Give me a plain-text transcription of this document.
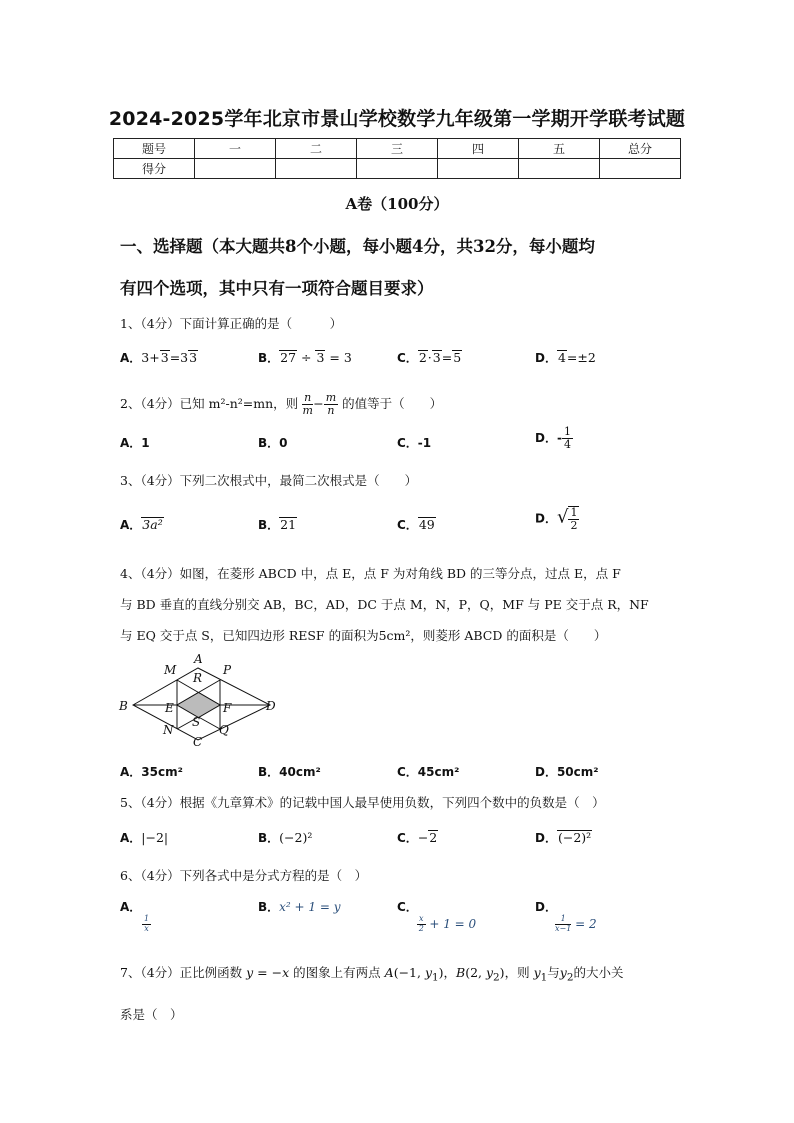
2024-2025学年北京市景山学校数学九年级第一学期开学联考试题
题号	一	二	三	四	五	总分
得分						
A卷（100分）
一、选择题（本大题共8个小题，每小题4分，共32分，每小题均
有四个选项，其中只有一项符合题目要求）
1、（4分）下面计算正确的是（　　　）
A．3+3=33	B．27 ÷ 3 = 3	C．2·3=5	D．4=±2
2、（4分）已知 m²-n²=mn，则 $\frac{n}{m} - \frac{m}{n}$ 的值等于（　　）
A．1	B．0	C．-1	D．- $\frac{1}{4}$
3、（4分）下列二次根式中，最简二次根式是（　　）
A．3a²	B．21	C．49	D．√ $\frac{1}{2}$
4、（4分）如图，在菱形 ABCD 中，点 E，点 F 为对角线 BD 的三等分点，过点 E，点 F
与 BD 垂直的直线分别交 AB，BC，AD，DC 于点 M，N，P，Q，MF 与 PE 交于点 R，NF
与 EQ 交于点 S，已知四边形 RESF 的面积为5cm²，则菱形 ABCD 的面积是（　　）
A
M	P
R
B	E	F	D
S
N	Q
C
A．35cm²	B．40cm²	C．45cm²	D．50cm²
5、（4分）根据《九章算术》的记载中国人最早使用负数，下列四个数中的负数是（　）
A．|−2|	B．(−2)²	C．−2	D．(−2)²
6、（4分）下列各式中是分式方程的是（　）
A．

$\frac{1}{x}$
B．x² + 1 = y	C．

$\frac{x}{2} + 1 = 0$
D．

$\frac{1}{x-1} = 2$
7、（4分）正比例函数 y = −x 的图象上有两点 A(−1, $y_1$)，B(2, $y_2$)，则 $y_1$与$y_2$的大小关
系是（　）
